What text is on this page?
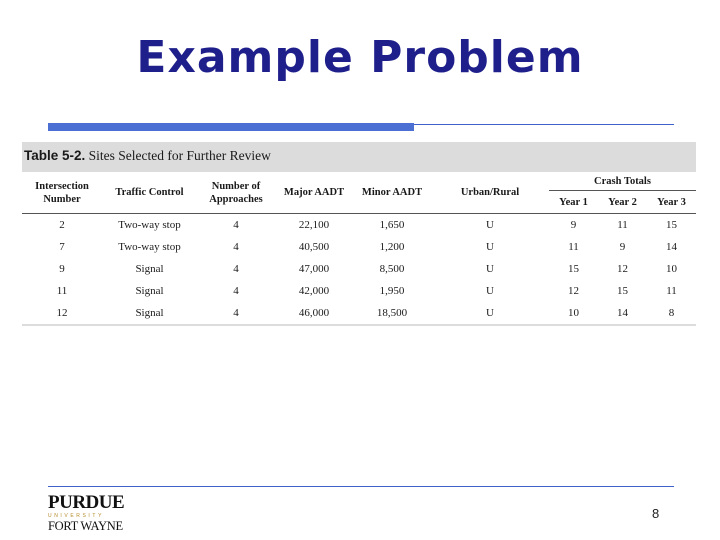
Example Problem
Table 5-2. Sites Selected for Further Review
Intersection Number	Traffic Control	Number of Approaches	Major AADT	Minor AADT	Urban/Rural	Crash Totals		
						Year 1	Year 2	Year 3
2	Two-way stop	4	22,100	1,650	U	9	11	15
7	Two-way stop	4	40,500	1,200	U	11	9	14
9	Signal	4	47,000	8,500	U	15	12	10
11	Signal	4	42,000	1,950	U	12	15	11
12	Signal	4	46,000	18,500	U	10	14	8
PURDUE
UNIVERSITY
FORT WAYNE
8
